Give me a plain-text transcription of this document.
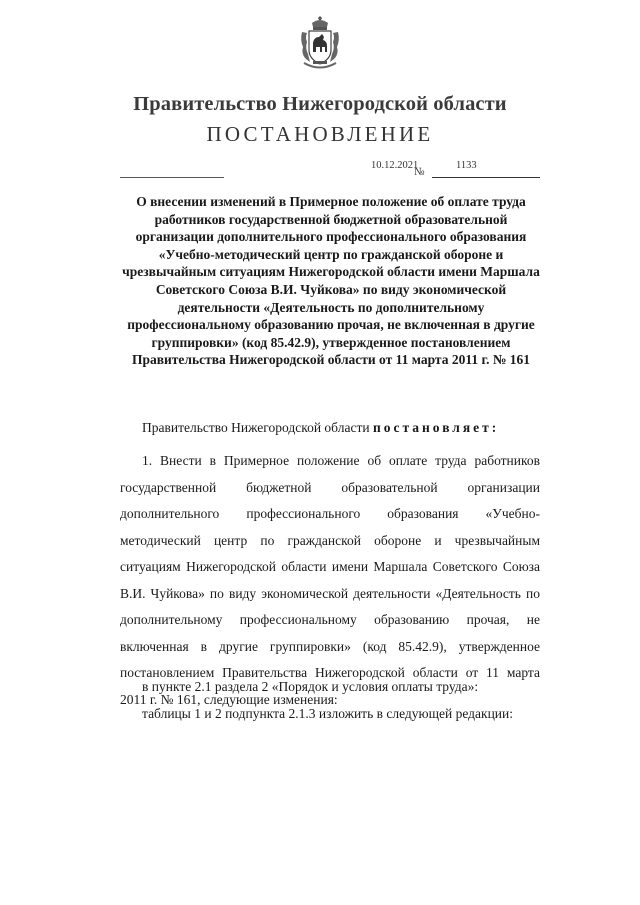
Правительство Нижегородской области
ПОСТАНОВЛЕНИЕ
10.12.2021
№
1133
О внесении изменений в Примерное положение об оплате труда работников государственной бюджетной образовательной организации дополнительного профессионального образования «Учебно-методический центр по гражданской обороне и чрезвычайным ситуациям Нижегородской области имени Маршала Советского Союза В.И. Чуйкова» по виду экономической деятельности «Деятельность по дополнительному профессиональному образованию прочая, не включенная в другие группировки» (код 85.42.9), утвержденное постановлением Правительства Нижегородской области от 11 марта 2011 г. № 161
Правительство Нижегородской области постановляет:

1. Внести в Примерное положение об оплате труда работников государственной бюджетной образовательной организации дополнительного профессионального образования «Учебно-методический центр по гражданской обороне и чрезвычайным ситуациям Нижегородской области имени Маршала Советского Союза В.И. Чуйкова» по виду экономической деятельности «Деятельность по дополнительному профессиональному образованию прочая, не включенная в другие группировки» (код 85.42.9), утвержденное постановлением Правительства Нижегородской области от 11 марта 2011 г. № 161, следующие изменения:

в пункте 2.1 раздела 2 «Порядок и условия оплаты труда»:
таблицы 1 и 2 подпункта 2.1.3 изложить в следующей редакции:
